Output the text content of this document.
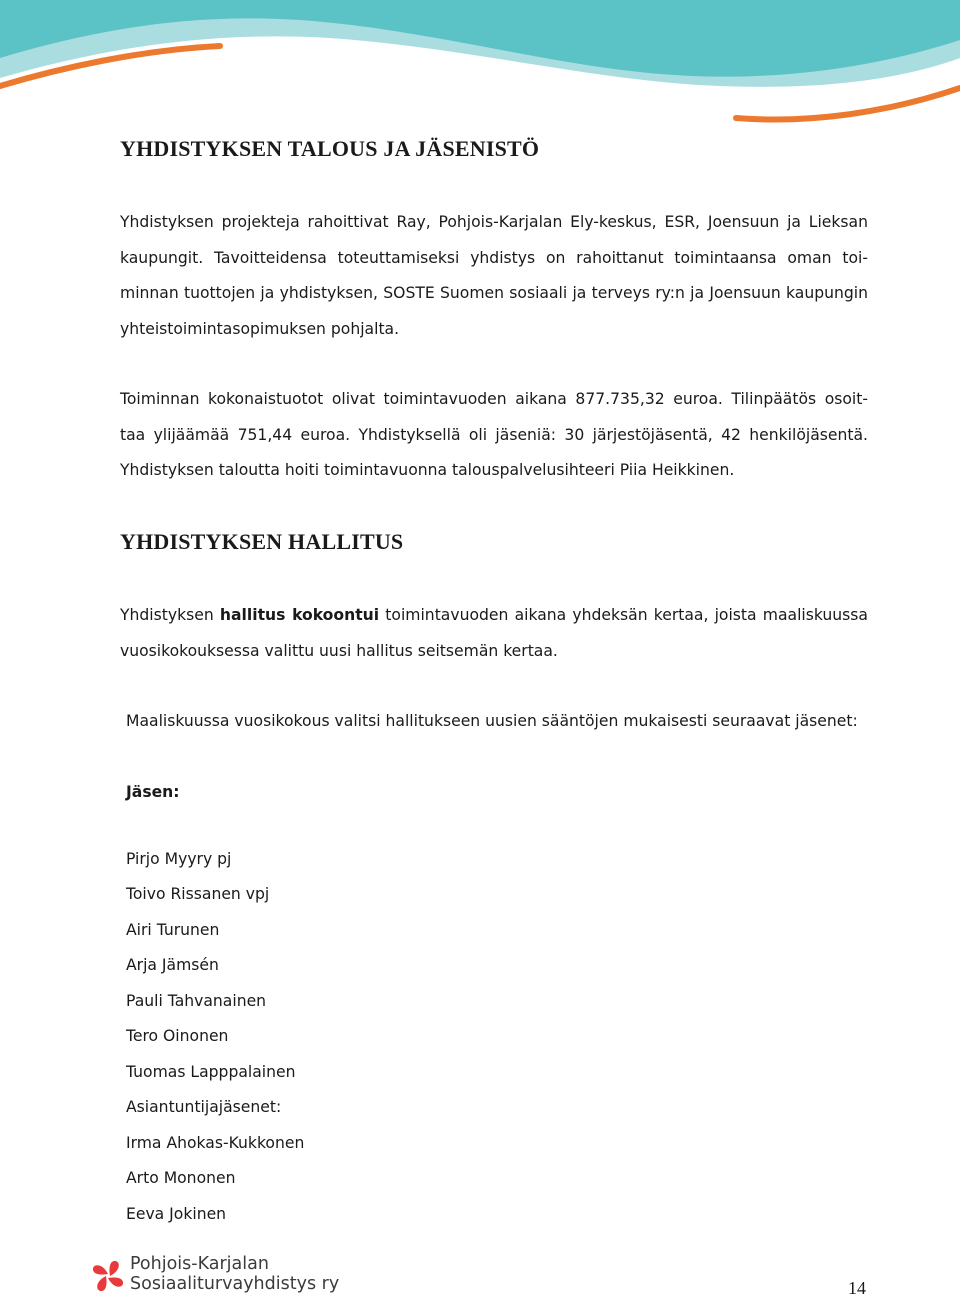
YHDISTYKSEN TALOUS JA JÄSENISTÖ
Yhdistyksen projekteja rahoittivat Ray, Pohjois-Karjalan Ely-keskus, ESR, Joensuun ja Lieksan
kaupungit. Tavoitteidensa toteuttamiseksi yhdistys on rahoittanut toimintaansa oman toi-
minnan tuottojen ja yhdistyksen, SOSTE Suomen sosiaali ja terveys ry:n ja Joensuun kaupungin
yhteistoimintasopimuksen pohjalta.
Toiminnan kokonaistuotot olivat toimintavuoden aikana 877.735,32 euroa. Tilinpäätös osoit-
taa ylijäämää 751,44 euroa. Yhdistyksellä oli jäseniä: 30 järjestöjäsentä, 42 henkilöjäsentä.
Yhdistyksen taloutta hoiti toimintavuonna talouspalvelusihteeri Piia Heikkinen.
YHDISTYKSEN HALLITUS
Yhdistyksen hallitus kokoontui toimintavuoden aikana yhdeksän kertaa, joista maaliskuussa
vuosikokouksessa valittu uusi hallitus seitsemän kertaa.

Maaliskuussa vuosikokous valitsi hallitukseen uusien sääntöjen mukaisesti seuraavat jäsenet:

Jäsen:

Pirjo Myyry pj
Toivo Rissanen vpj
Airi Turunen
Arja Jämsén
Pauli Tahvanainen
Tero Oinonen
Tuomas Lapppalainen
Asiantuntijajäsenet:
Irma Ahokas-Kukkonen
Arto Mononen
Eeva Jokinen
Pohjois-Karjalan
Sosiaaliturvayhdistys ry	14
